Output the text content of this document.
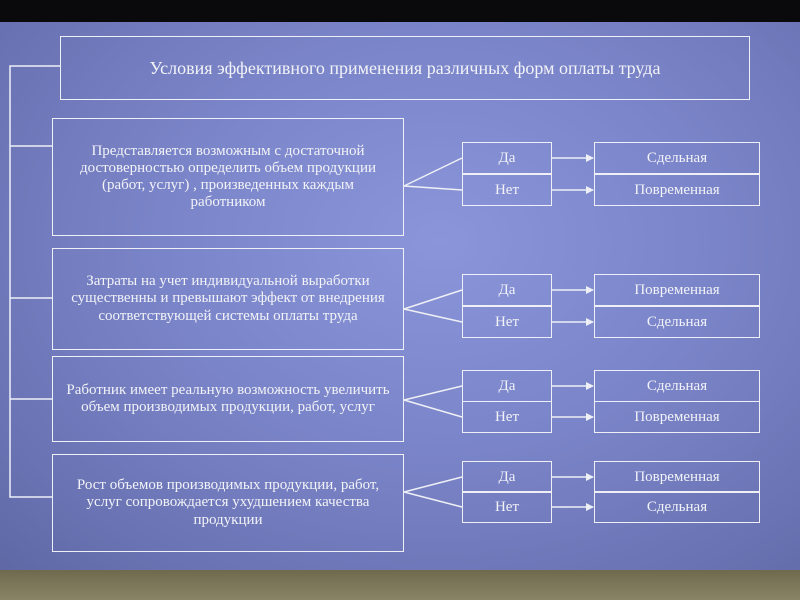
Условия эффективного применения различных форм оплаты труда
Представляется возможным с достаточной достоверностью определить объем продукции (работ, услуг) , произведенных каждым работником
Да
Нет
Сдельная
Повременная
Затраты на учет индивидуальной выработки существенны и превышают эффект от внедрения соответствующей системы оплаты труда
Да
Нет
Повременная
Сдельная
Работник имеет реальную возможность увеличить объем производимых продукции, работ, услуг
Да
Нет
Сдельная
Повременная
Рост объемов производимых продукции, работ, услуг сопровождается ухудшением качества продукции
Да
Нет
Повременная
Сдельная
